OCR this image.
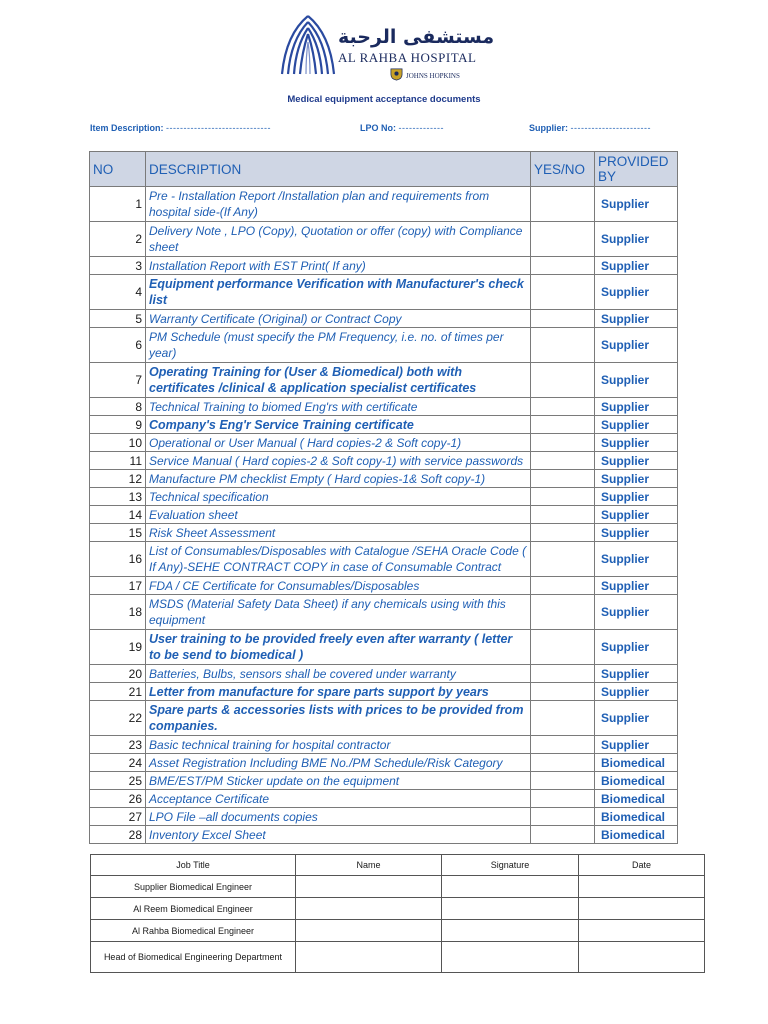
مستشفى الرحبة
AL RAHBA HOSPITAL
JOHNS HOPKINS
Medical equipment acceptance documents
Item Description: ------------------------------	LPO No: -------------	Supplier: -----------------------
NO	DESCRIPTION	YES/NO	PROVIDED BY
1	Pre - Installation Report /Installation plan and requirements from hospital side-(If Any)		Supplier
2	Delivery Note , LPO (Copy), Quotation or offer (copy) with Compliance sheet		Supplier
3	Installation Report with EST Print( If any)		Supplier
4	Equipment performance Verification with Manufacturer's check list		Supplier
5	Warranty Certificate (Original) or Contract Copy		Supplier
6	PM Schedule (must specify the PM Frequency, i.e. no. of times per year)		Supplier
7	Operating Training for (User & Biomedical) both with certificates /clinical & application specialist certificates		Supplier
8	Technical Training to biomed Eng'rs with certificate		Supplier
9	Company's Eng'r Service Training certificate		Supplier
10	Operational or User Manual ( Hard copies-2 & Soft copy-1)		Supplier
11	Service Manual ( Hard copies-2 & Soft copy-1) with service passwords		Supplier
12	Manufacture PM checklist Empty ( Hard copies-1& Soft copy-1)		Supplier
13	Technical specification		Supplier
14	Evaluation sheet		Supplier
15	Risk Sheet Assessment		Supplier
16	List of Consumables/Disposables with Catalogue /SEHA Oracle Code ( If Any)-SEHE CONTRACT COPY in case of Consumable Contract		Supplier
17	FDA / CE Certificate for Consumables/Disposables		Supplier
18	MSDS (Material Safety Data Sheet) if any chemicals using with this equipment		Supplier
19	User training to be provided freely even after warranty ( letter to be send to biomedical )		Supplier
20	Batteries, Bulbs, sensors shall be covered under warranty		Supplier
21	Letter from manufacture for spare parts support by years		Supplier
22	Spare parts & accessories lists with prices to be provided from companies.		Supplier
23	Basic technical training for hospital contractor		Supplier
24	Asset Registration Including BME No./PM Schedule/Risk Category		Biomedical
25	BME/EST/PM Sticker update on the equipment		Biomedical
26	Acceptance Certificate		Biomedical
27	LPO File –all documents copies		Biomedical
28	Inventory Excel Sheet		Biomedical
Job Title	Name	Signature	Date
Supplier Biomedical Engineer			
Al Reem Biomedical Engineer			
Al Rahba Biomedical Engineer			
Head of Biomedical Engineering Department			
